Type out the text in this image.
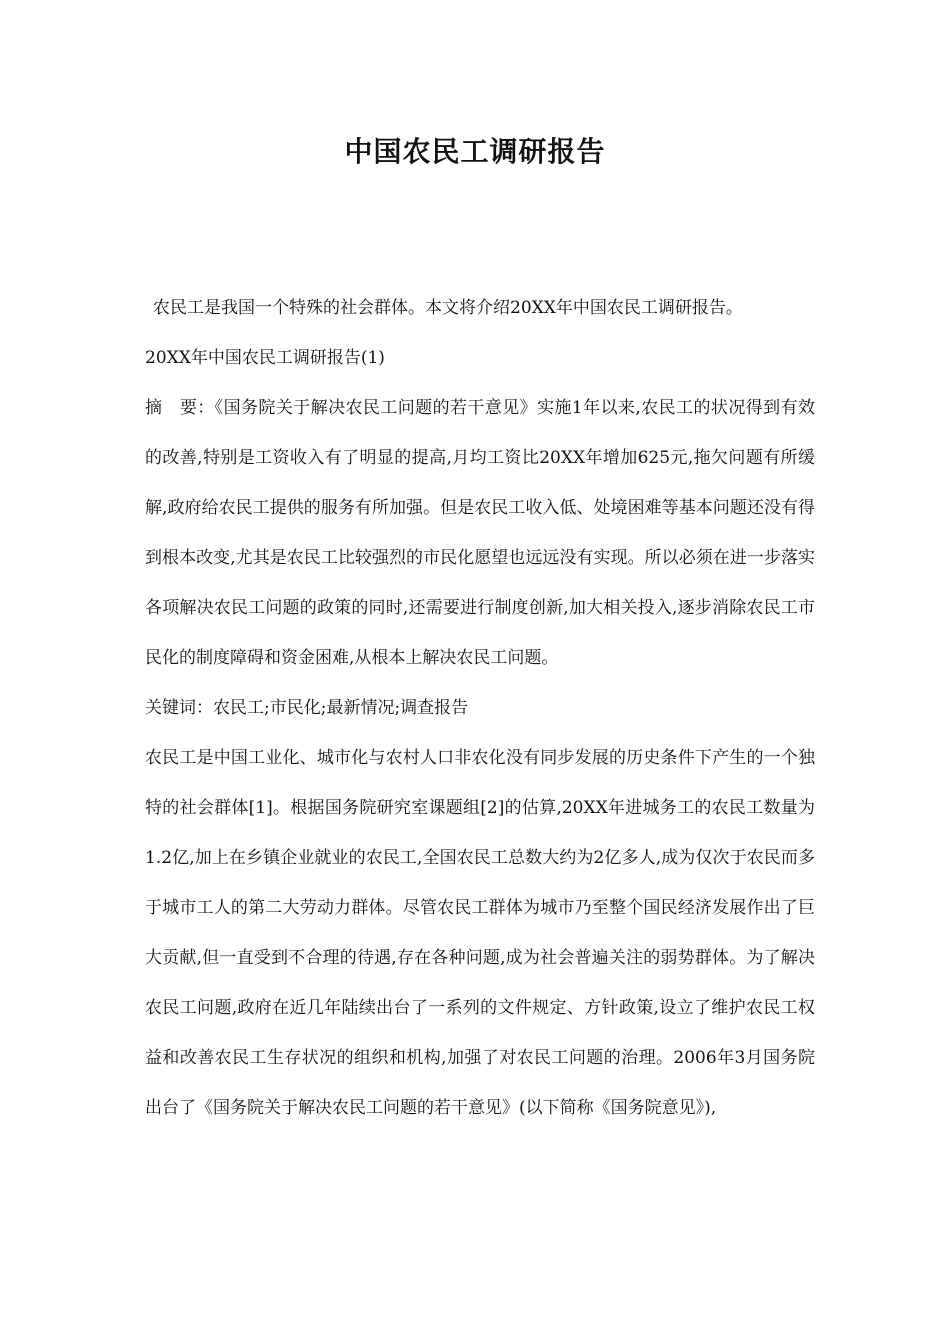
中国农民工调研报告

农民工是我国一个特殊的社会群体。本文将介绍20XX年中国农民工调研报告。

20XX年中国农民工调研报告(1)

摘　要：《国务院关于解决农民工问题的若干意见》实施1年以来,农民工的状况得到有效的改善,特别是工资收入有了明显的提高,月均工资比20XX年增加625元,拖欠问题有所缓解,政府给农民工提供的服务有所加强。但是农民工收入低、处境困难等基本问题还没有得到根本改变,尤其是农民工比较强烈的市民化愿望也远远没有实现。所以必须在进一步落实各项解决农民工问题的政策的同时,还需要进行制度创新,加大相关投入,逐步消除农民工市民化的制度障碍和资金困难,从根本上解决农民工问题。

关键词：农民工;市民化;最新情况;调查报告

农民工是中国工业化、城市化与农村人口非农化没有同步发展的历史条件下产生的一个独特的社会群体[1]。根据国务院研究室课题组[2]的估算,20XX年进城务工的农民工数量为1.2亿,加上在乡镇企业就业的农民工,全国农民工总数大约为2亿多人,成为仅次于农民而多于城市工人的第二大劳动力群体。尽管农民工群体为城市乃至整个国民经济发展作出了巨大贡献,但一直受到不合理的待遇,存在各种问题,成为社会普遍关注的弱势群体。为了解决农民工问题,政府在近几年陆续出台了一系列的文件规定、方针政策,设立了维护农民工权益和改善农民工生存状况的组织和机构,加强了对农民工问题的治理。2006年3月国务院出台了《国务院关于解决农民工问题的若干意见》(以下简称《国务院意见》),
